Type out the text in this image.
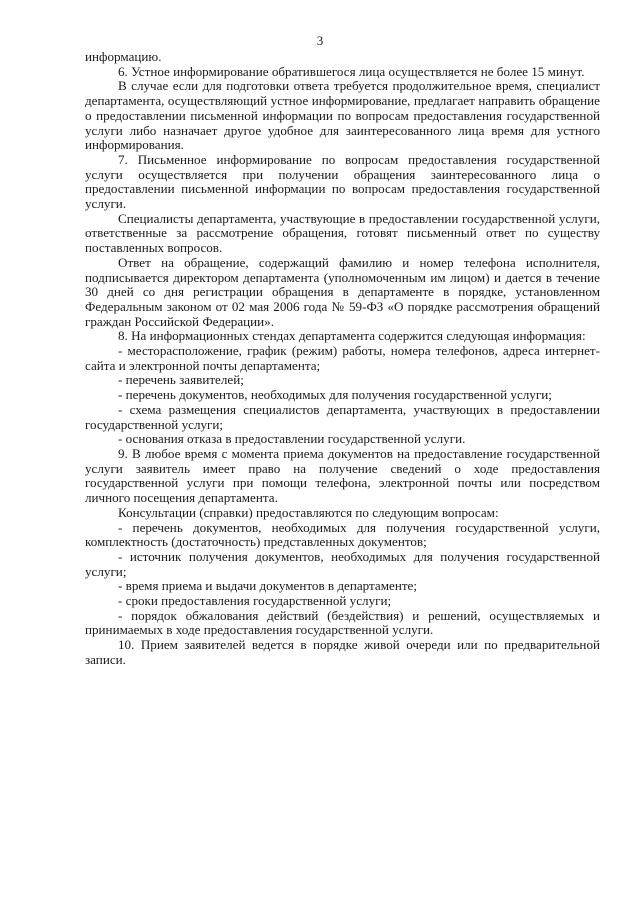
3

информацию.

6. Устное информирование обратившегося лица осуществляется не более 15 минут.

В случае если для подготовки ответа требуется продолжительное время, специалист департамента, осуществляющий устное информирование, предлагает направить обращение о предоставлении письменной информации по вопросам предоставления государственной услуги либо назначает другое удобное для заинтересованного лица время для устного информирования.

7. Письменное информирование по вопросам предоставления государственной услуги осуществляется при получении обращения заинтересованного лица о предоставлении письменной информации по вопросам предоставления государственной услуги.

Специалисты департамента, участвующие в предоставлении государственной услуги, ответственные за рассмотрение обращения, готовят письменный ответ по существу поставленных вопросов.

Ответ на обращение, содержащий фамилию и номер телефона исполнителя, подписывается директором департамента (уполномоченным им лицом) и дается в течение 30 дней со дня регистрации обращения в департаменте в порядке, установленном Федеральным законом от 02 мая 2006 года № 59-ФЗ «О порядке рассмотрения обращений граждан Российской Федерации».

8. На информационных стендах департамента содержится следующая информация:

- месторасположение, график (режим) работы, номера телефонов, адреса интернет-сайта и электронной почты департамента;

- перечень заявителей;

- перечень документов, необходимых для получения государственной услуги;

- схема размещения специалистов департамента, участвующих в предоставлении государственной услуги;

- основания отказа в предоставлении государственной услуги.

9. В любое время с момента приема документов на предоставление государственной услуги заявитель имеет право на получение сведений о ходе предоставления государственной услуги при помощи телефона, электронной почты или посредством личного посещения департамента.

Консультации (справки) предоставляются по следующим вопросам:

- перечень документов, необходимых для получения государственной услуги, комплектность (достаточность) представленных документов;

- источник получения документов, необходимых для получения государственной услуги;

- время приема и выдачи документов в департаменте;

- сроки предоставления государственной услуги;

- порядок обжалования действий (бездействия) и решений, осуществляемых и принимаемых в ходе предоставления государственной услуги.

10. Прием заявителей ведется в порядке живой очереди или по предварительной записи.
